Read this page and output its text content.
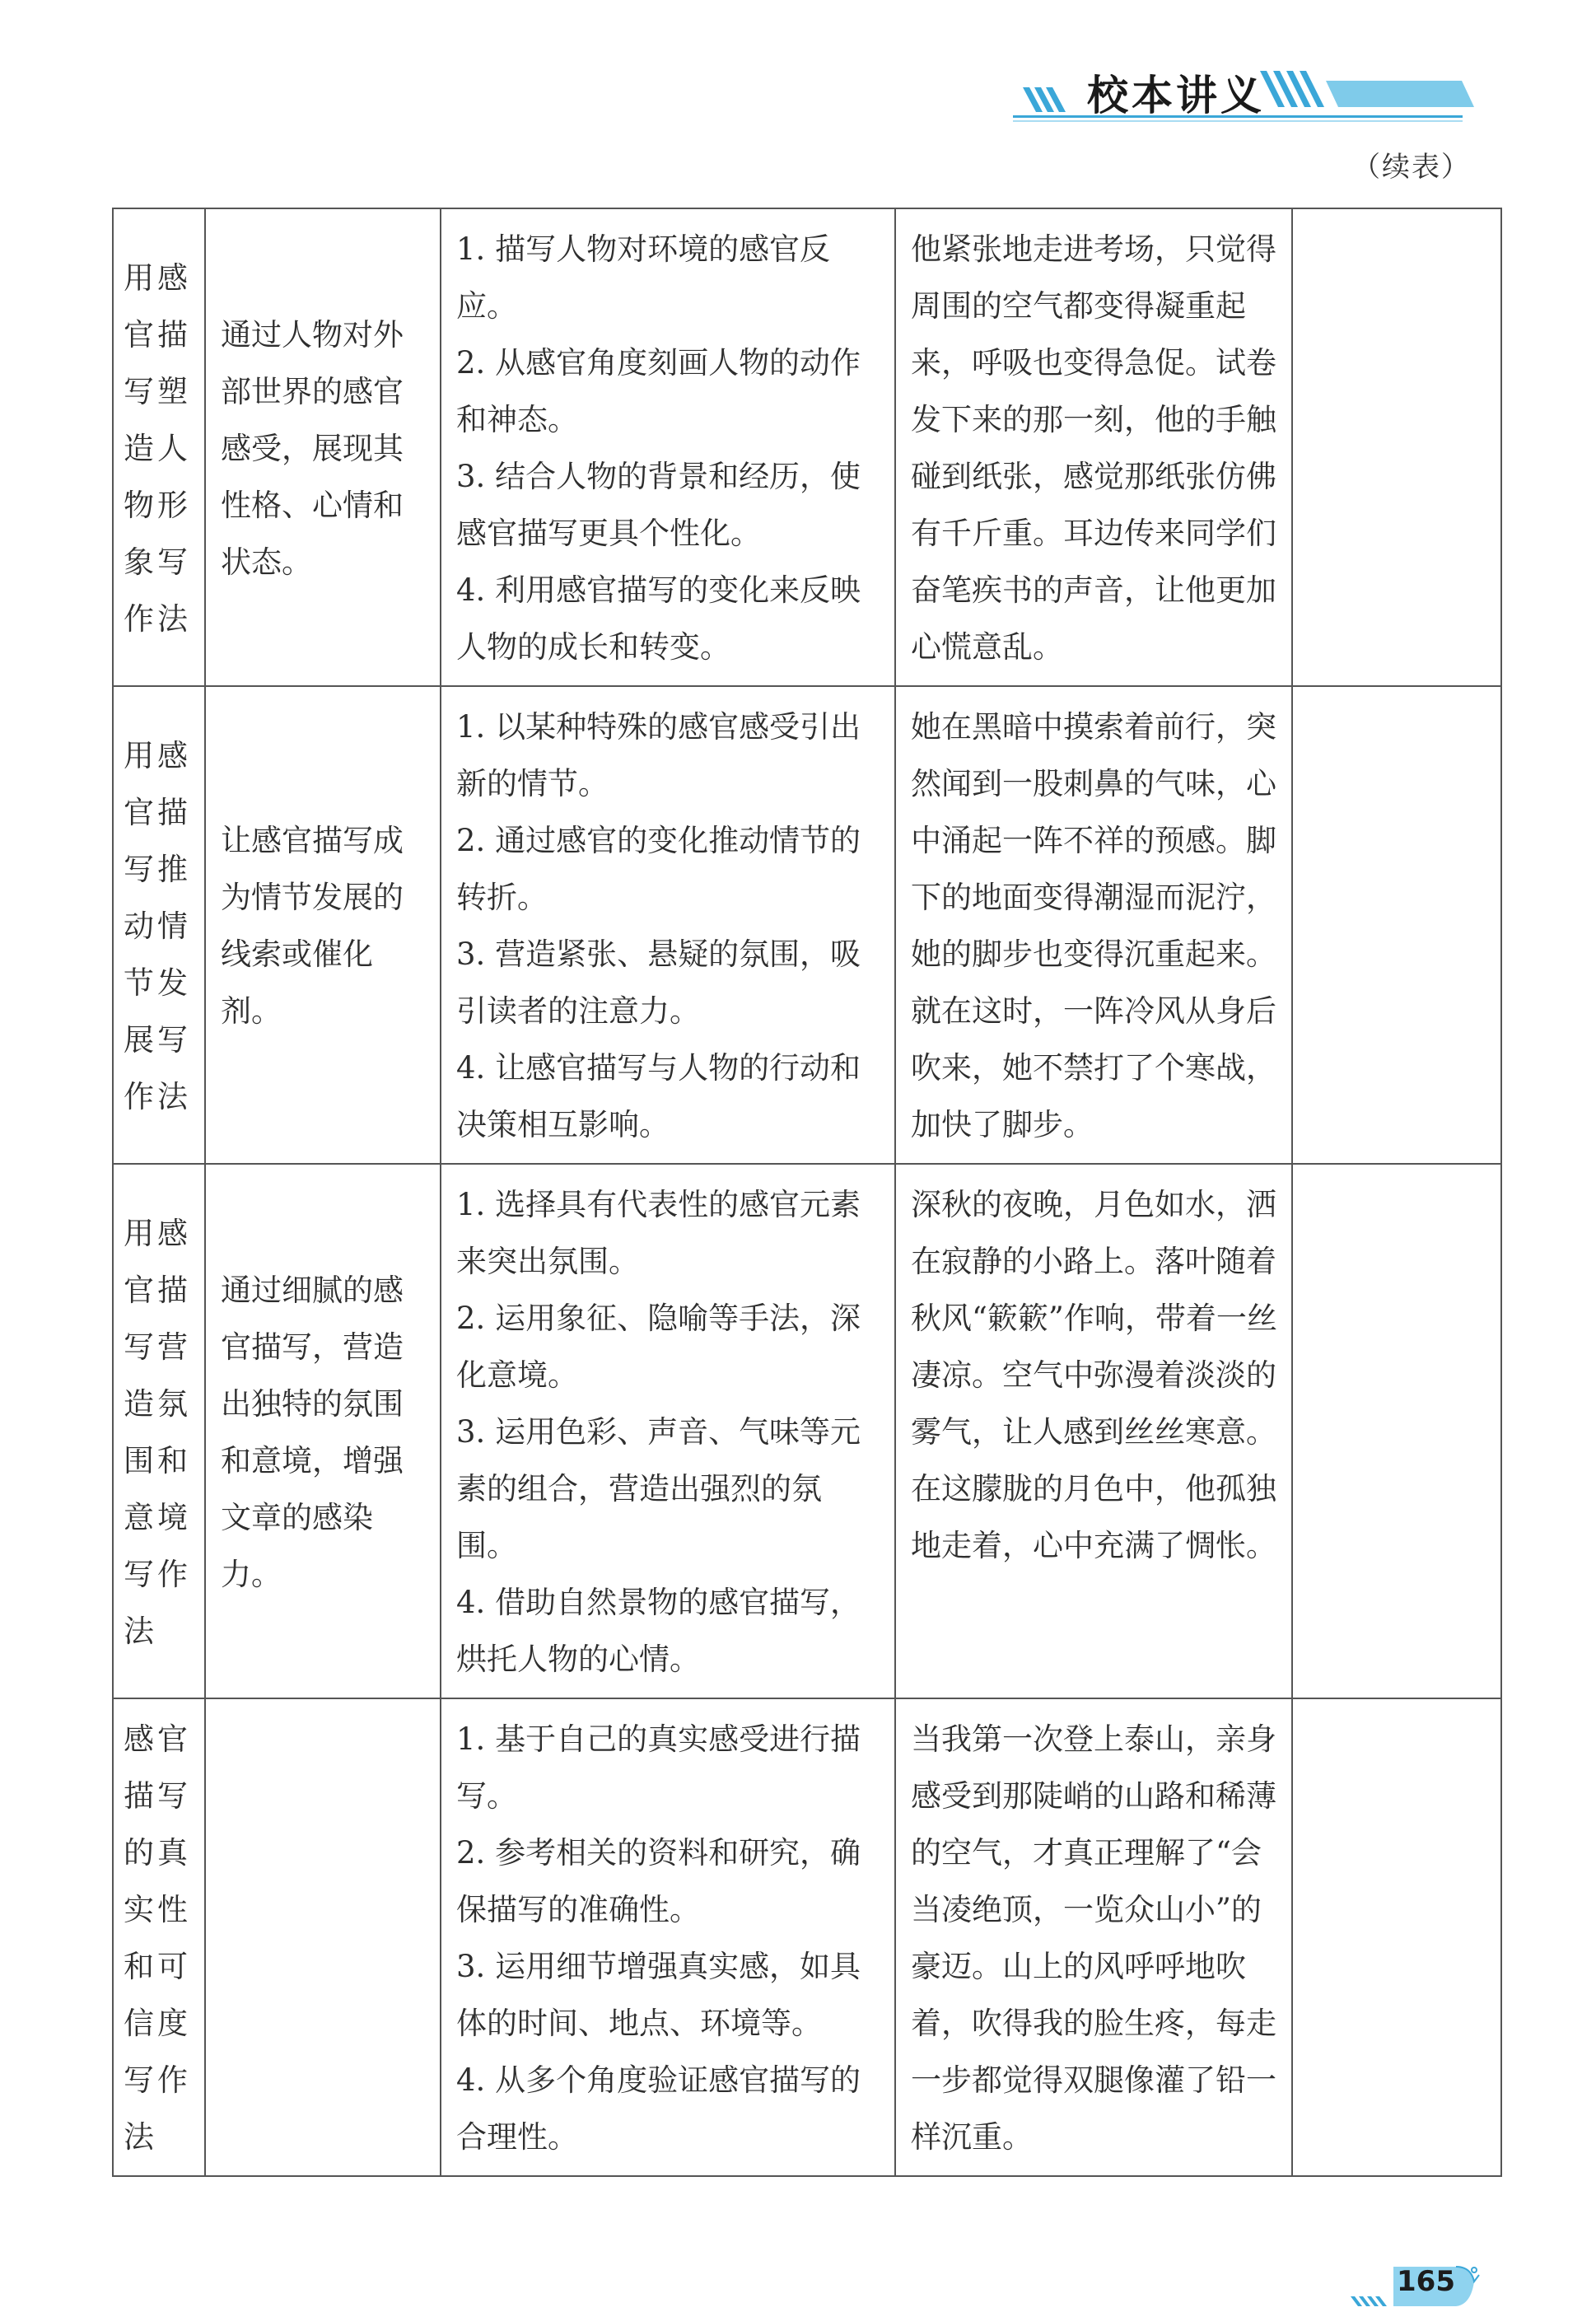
校本讲义
（续表）
用感官描写塑造人物形象写作法	通过人物对外部世界的感官感受，展现其性格、心情和状态。	1. 描写人物对环境的感官反应。
2. 从感官角度刻画人物的动作和神态。
3. 结合人物的背景和经历，使感官描写更具个性化。
4. 利用感官描写的变化来反映人物的成长和转变。	他紧张地走进考场，只觉得周围的空气都变得凝重起来，呼吸也变得急促。试卷发下来的那一刻，他的手触碰到纸张，感觉那纸张仿佛有千斤重。耳边传来同学们奋笔疾书的声音，让他更加心慌意乱。	
用感官描写推动情节发展写作法	让感官描写成为情节发展的线索或催化剂。	1. 以某种特殊的感官感受引出新的情节。
2. 通过感官的变化推动情节的转折。
3. 营造紧张、悬疑的氛围，吸引读者的注意力。
4. 让感官描写与人物的行动和决策相互影响。	她在黑暗中摸索着前行，突然闻到一股刺鼻的气味，心中涌起一阵不祥的预感。脚下的地面变得潮湿而泥泞，她的脚步也变得沉重起来。就在这时，一阵冷风从身后吹来，她不禁打了个寒战，加快了脚步。	
用感官描写营造氛围和意境写作法	通过细腻的感官描写，营造出独特的氛围和意境，增强文章的感染力。	1. 选择具有代表性的感官元素来突出氛围。
2. 运用象征、隐喻等手法，深化意境。
3. 运用色彩、声音、气味等元素的组合，营造出强烈的氛围。
4. 借助自然景物的感官描写，烘托人物的心情。	深秋的夜晚，月色如水，洒在寂静的小路上。落叶随着秋风“簌簌”作响，带着一丝凄凉。空气中弥漫着淡淡的雾气，让人感到丝丝寒意。在这朦胧的月色中，他孤独地走着，心中充满了惆怅。	
感官描写的真实性和可信度写作法		1. 基于自己的真实感受进行描写。
2. 参考相关的资料和研究，确保描写的准确性。
3. 运用细节增强真实感，如具体的时间、地点、环境等。
4. 从多个角度验证感官描写的合理性。	当我第一次登上泰山，亲身感受到那陡峭的山路和稀薄的空气，才真正理解了“会当凌绝顶，一览众山小”的豪迈。山上的风呼呼地吹着，吹得我的脸生疼，每走一步都觉得双腿像灌了铅一样沉重。	
165
